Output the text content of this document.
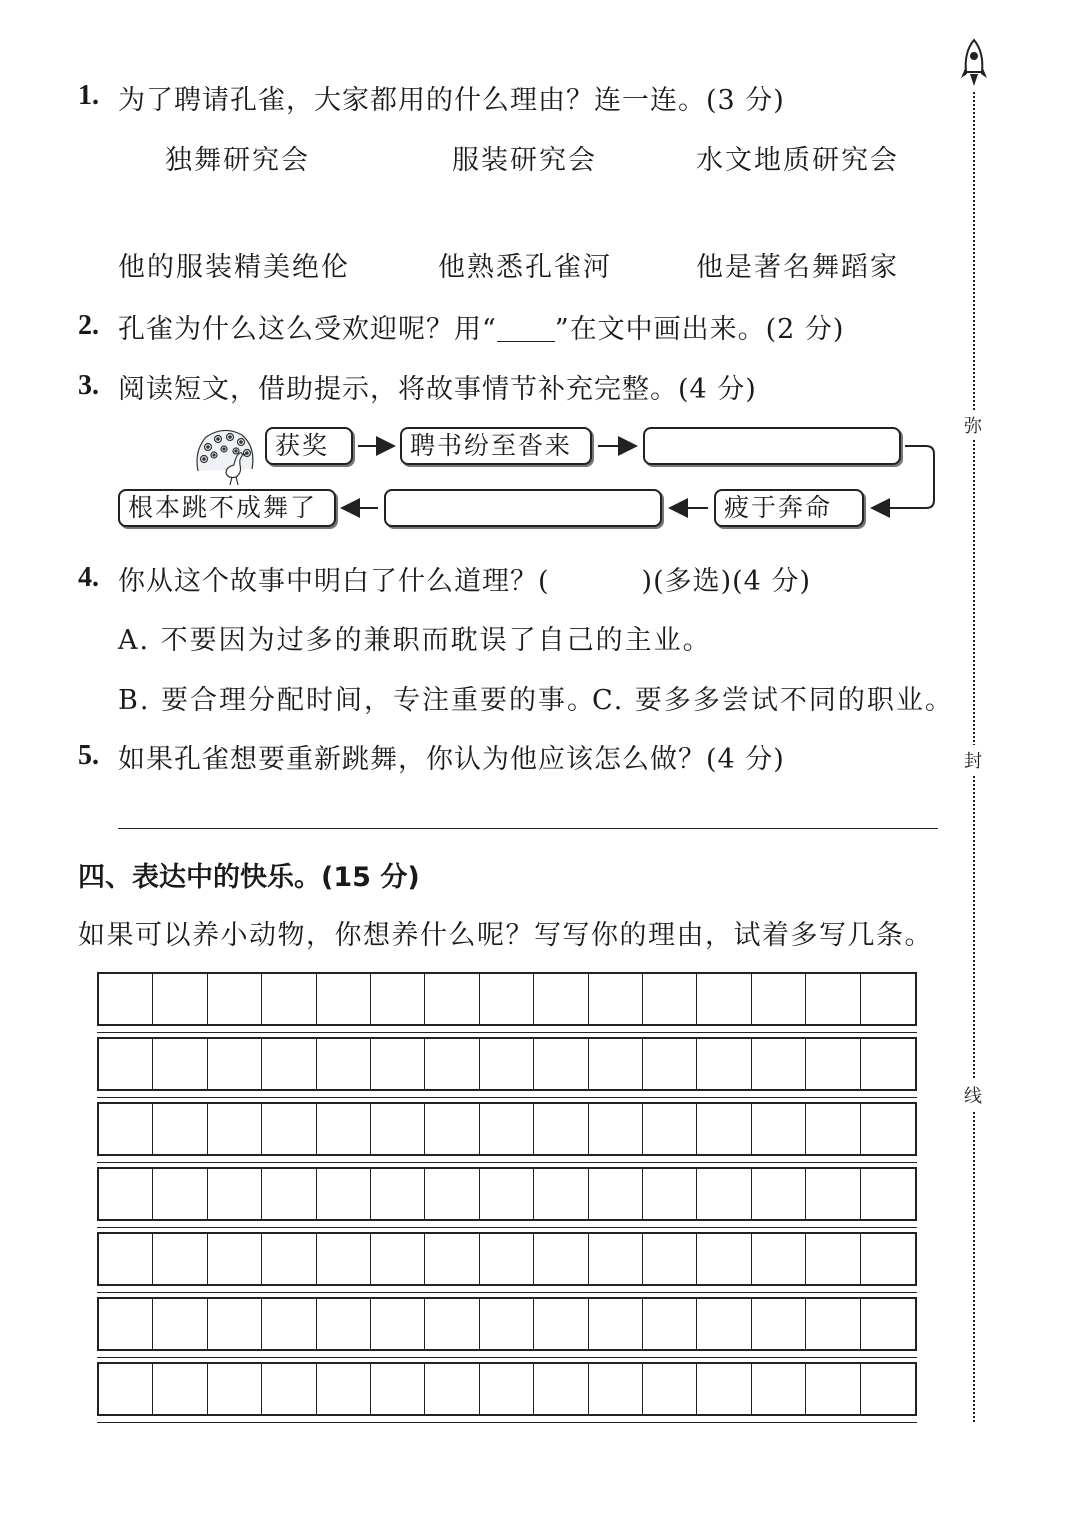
1. 为了聘请孔雀，大家都用的什么理由？连一连。(3 分)
独舞研究会	服装研究会	水文地质研究会
他的服装精美绝伦	他熟悉孔雀河	他是著名舞蹈家
2. 孔雀为什么这么受欢迎呢？用“ ”在文中画出来。(2 分)
3. 阅读短文，借助提示，将故事情节补充完整。(4 分)
获奖	聘书纷至沓来
疲于奔命
根本跳不成舞了
4. 你从这个故事中明白了什么道理？(	)(多选)(4 分)
A. 不要因为过多的兼职而耽误了自己的主业。
B. 要合理分配时间，专注重要的事。
C. 要多多尝试不同的职业。
5. 如果孔雀想要重新跳舞，你认为他应该怎么做？(4 分)
四、表达中的快乐。(15 分)
如果可以养小动物，你想养什么呢？写写你的理由，试着多写几条。
弥
封
线
